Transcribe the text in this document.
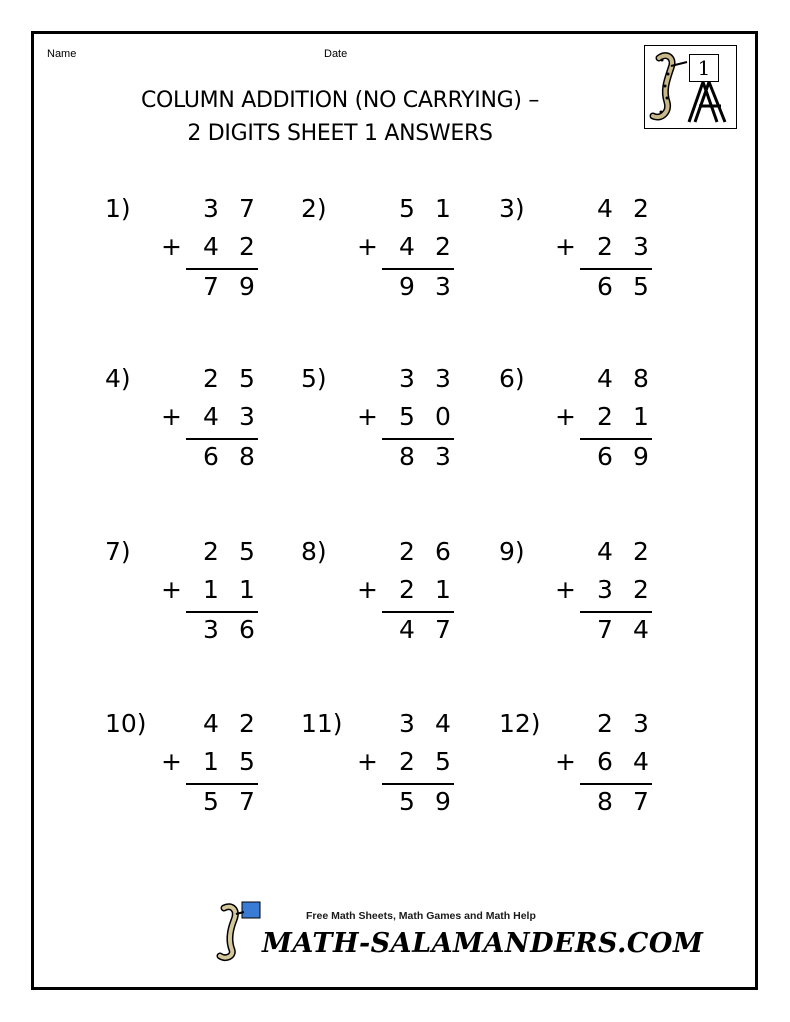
Name	Date
COLUMN ADDITION (NO CARRYING) –
2 DIGITS SHEET 1 ANSWERS
1
1)	3 7
+ 4 2
7 9
2)	5 1
+ 4 2
9 3
3)	4 2
+ 2 3
6 5
4)	2 5
+ 4 3
6 8
5)	3 3
+ 5 0
8 3
6)	4 8
+ 2 1
6 9
7)	2 5
+ 1 1
3 6
8)	2 6
+ 2 1
4 7
9)	4 2
+ 3 2
7 4
10)	4 2
+ 1 5
5 7
11)	3 4
+ 2 5
5 9
12)	2 3
+ 6 4
8 7
Free Math Sheets, Math Games and Math Help
MATH-SALAMANDERS.COM
